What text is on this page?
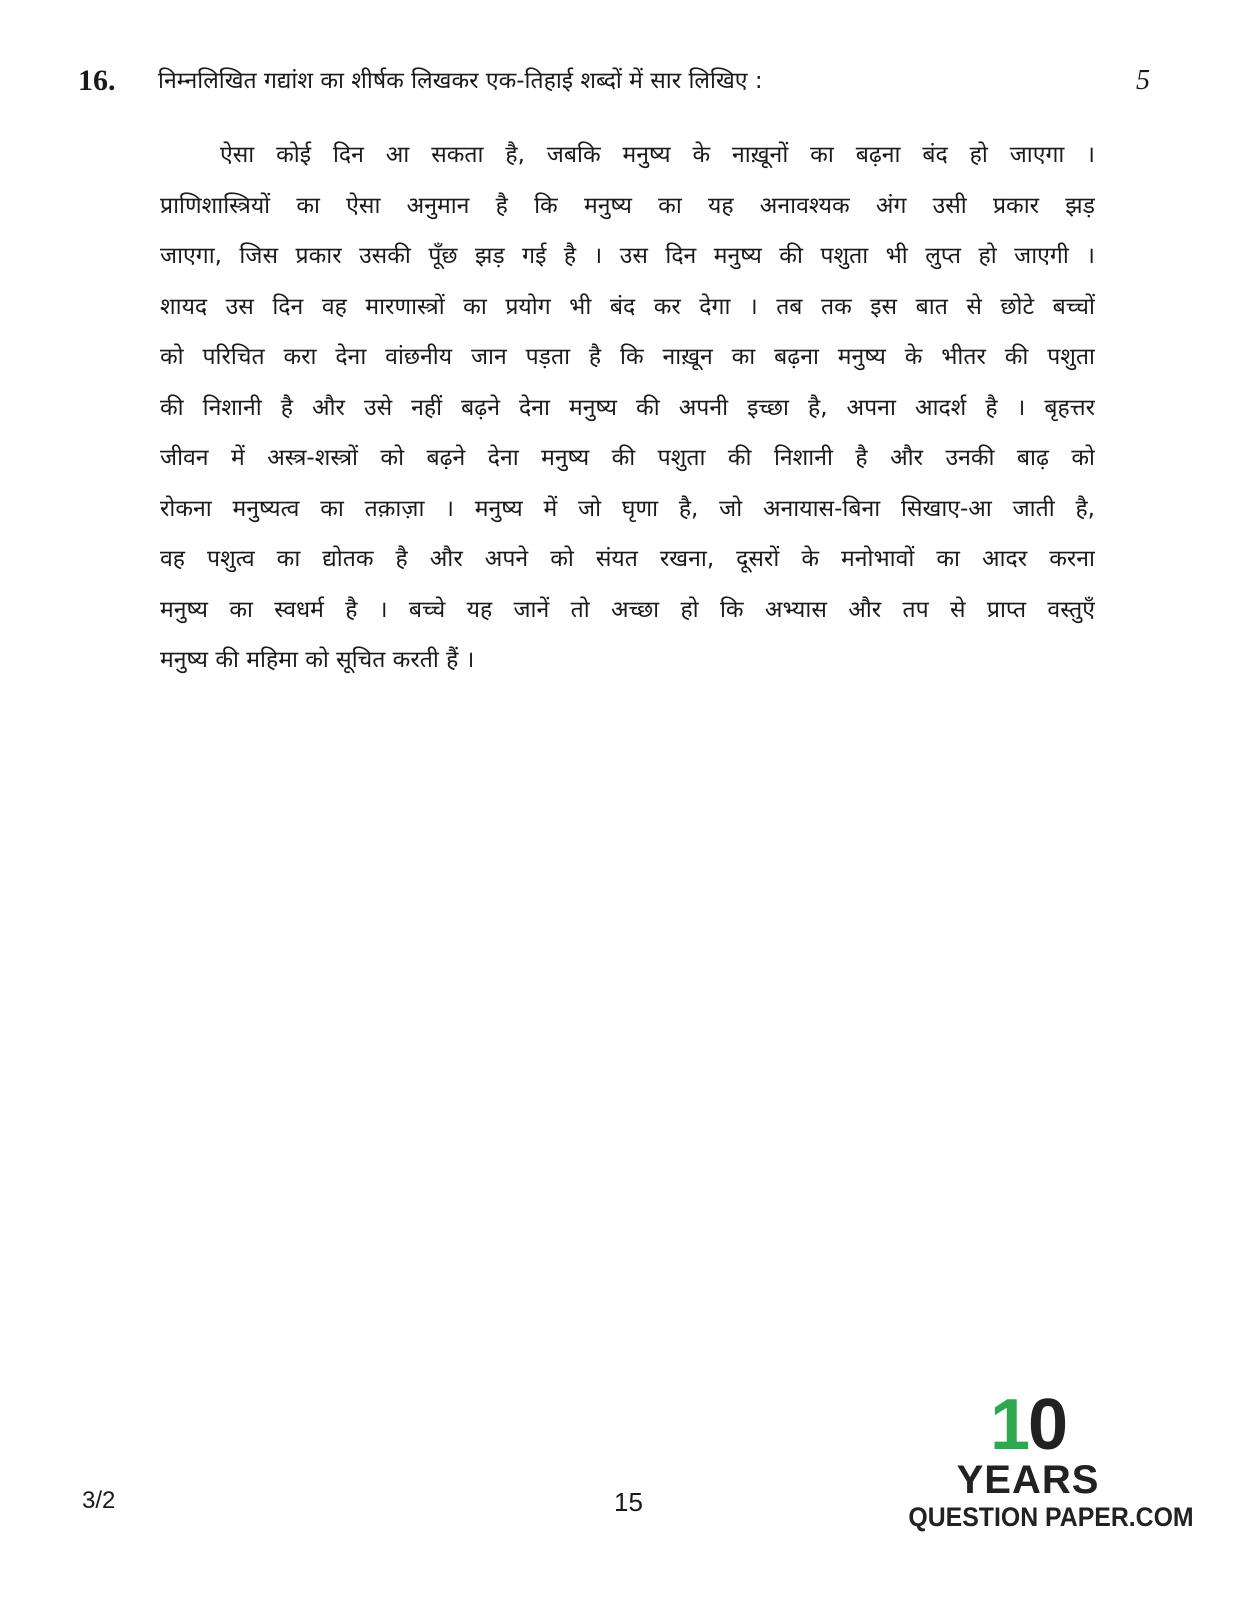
16. निम्नलिखित गद्यांश का शीर्षक लिखकर एक-तिहाई शब्दों में सार लिखिए :	5
ऐसा कोई दिन आ सकता है, जबकि मनुष्य के नाख़ूनों का बढ़ना बंद हो जाएगा ।
प्राणिशास्त्रियों का ऐसा अनुमान है कि मनुष्य का यह अनावश्यक अंग उसी प्रकार झड़
जाएगा, जिस प्रकार उसकी पूँछ झड़ गई है । उस दिन मनुष्य की पशुता भी लुप्त हो जाएगी ।
शायद उस दिन वह मारणास्त्रों का प्रयोग भी बंद कर देगा । तब तक इस बात से छोटे बच्चों
को परिचित करा देना वांछनीय जान पड़ता है कि नाख़ून का बढ़ना मनुष्य के भीतर की पशुता
की निशानी है और उसे नहीं बढ़ने देना मनुष्य की अपनी इच्छा है, अपना आदर्श है । बृहत्तर
जीवन में अस्त्र-शस्त्रों को बढ़ने देना मनुष्य की पशुता की निशानी है और उनकी बाढ़ को
रोकना मनुष्यत्व का तक़ाज़ा । मनुष्य में जो घृणा है, जो अनायास-बिना सिखाए-आ जाती है,
वह पशुत्व का द्योतक है और अपने को संयत रखना, दूसरों के मनोभावों का आदर करना
मनुष्य का स्वधर्म है । बच्चे यह जानें तो अच्छा हो कि अभ्यास और तप से प्राप्त वस्तुएँ
मनुष्य की महिमा को सूचित करती हैं ।
3/2	15
10
YEARS
QUESTION PAPER.COM
